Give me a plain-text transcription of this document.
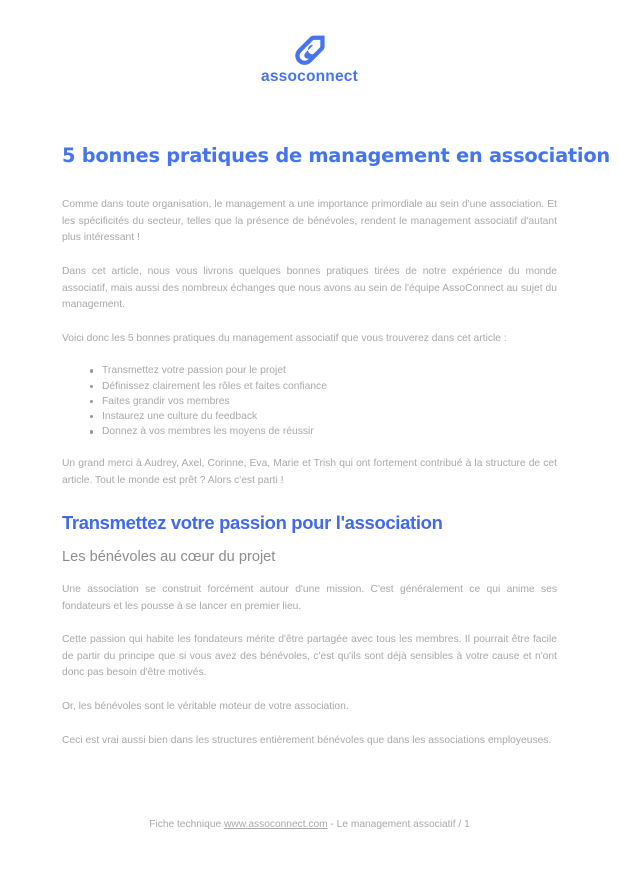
assoconnect
5 bonnes pratiques de management en association

Comme dans toute organisation, le management a une importance primordiale au sein d'une association. Et les spécificités du secteur, telles que la présence de bénévoles, rendent le management associatif d'autant plus intéressant !

Dans cet article, nous vous livrons quelques bonnes pratiques tirées de notre expérience du monde associatif, mais aussi des nombreux échanges que nous avons au sein de l'équipe AssoConnect au sujet du management.

Voici donc les 5 bonnes pratiques du management associatif que vous trouverez dans cet article :

Transmettez votre passion pour le projet
Définissez clairement les rôles et faites confiance
Faites grandir vos membres
Instaurez une culture du feedback
Donnez à vos membres les moyens de réussir

Un grand merci à Audrey, Axel, Corinne, Eva, Marie et Trish qui ont fortement contribué à la structure de cet article. Tout le monde est prêt ? Alors c'est parti !

Transmettez votre passion pour l'association
Les bénévoles au cœur du projet

Une association se construit forcément autour d'une mission. C'est généralement ce qui anime ses fondateurs et les pousse à se lancer en premier lieu.

Cette passion qui habite les fondateurs mérite d'être partagée avec tous les membres. Il pourrait être facile de partir du principe que si vous avez des bénévoles, c'est qu'ils sont déjà sensibles à votre cause et n'ont donc pas besoin d'être motivés.

Or, les bénévoles sont le véritable moteur de votre association.

Ceci est vrai aussi bien dans les structures entièrement bénévoles que dans les associations employeuses.

Fiche technique www.assoconnect.com - Le management associatif / 1
